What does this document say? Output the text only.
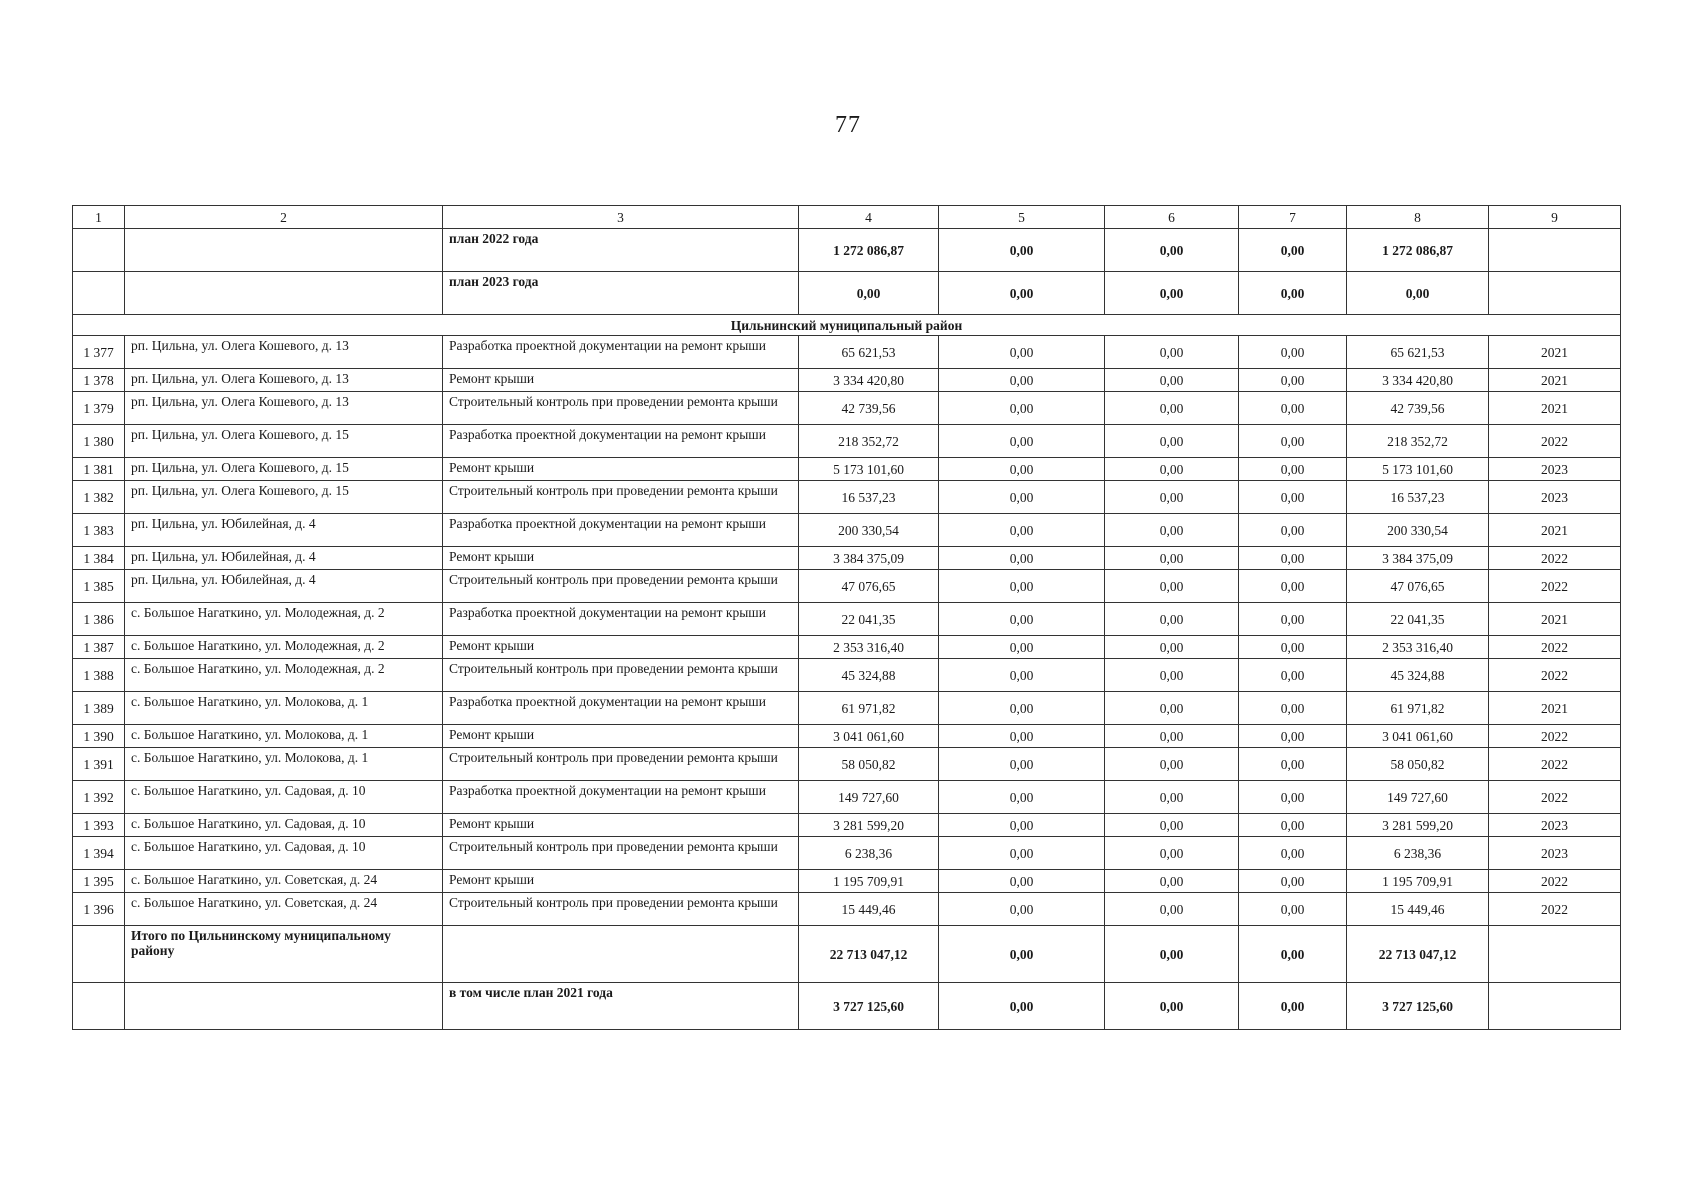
77
1	2	3	4	5	6	7	8	9
		план 2022 года	1 272 086,87	0,00	0,00	0,00	1 272 086,87	
		план 2023 года	0,00	0,00	0,00	0,00	0,00	
Цильнинский муниципальный район								
1 377	рп. Цильна, ул. Олега Кошевого, д. 13	Разработка проектной документации на ремонт крыши	65 621,53	0,00	0,00	0,00	65 621,53	2021
1 378	рп. Цильна, ул. Олега Кошевого, д. 13	Ремонт крыши	3 334 420,80	0,00	0,00	0,00	3 334 420,80	2021
1 379	рп. Цильна, ул. Олега Кошевого, д. 13	Строительный контроль при проведении ремонта крыши	42 739,56	0,00	0,00	0,00	42 739,56	2021
1 380	рп. Цильна, ул. Олега Кошевого, д. 15	Разработка проектной документации на ремонт крыши	218 352,72	0,00	0,00	0,00	218 352,72	2022
1 381	рп. Цильна, ул. Олега Кошевого, д. 15	Ремонт крыши	5 173 101,60	0,00	0,00	0,00	5 173 101,60	2023
1 382	рп. Цильна, ул. Олега Кошевого, д. 15	Строительный контроль при проведении ремонта крыши	16 537,23	0,00	0,00	0,00	16 537,23	2023
1 383	рп. Цильна, ул. Юбилейная, д. 4	Разработка проектной документации на ремонт крыши	200 330,54	0,00	0,00	0,00	200 330,54	2021
1 384	рп. Цильна, ул. Юбилейная, д. 4	Ремонт крыши	3 384 375,09	0,00	0,00	0,00	3 384 375,09	2022
1 385	рп. Цильна, ул. Юбилейная, д. 4	Строительный контроль при проведении ремонта крыши	47 076,65	0,00	0,00	0,00	47 076,65	2022
1 386	с. Большое Нагаткино, ул. Молодежная, д. 2	Разработка проектной документации на ремонт крыши	22 041,35	0,00	0,00	0,00	22 041,35	2021
1 387	с. Большое Нагаткино, ул. Молодежная, д. 2	Ремонт крыши	2 353 316,40	0,00	0,00	0,00	2 353 316,40	2022
1 388	с. Большое Нагаткино, ул. Молодежная, д. 2	Строительный контроль при проведении ремонта крыши	45 324,88	0,00	0,00	0,00	45 324,88	2022
1 389	с. Большое Нагаткино, ул. Молокова, д. 1	Разработка проектной документации на ремонт крыши	61 971,82	0,00	0,00	0,00	61 971,82	2021
1 390	с. Большое Нагаткино, ул. Молокова, д. 1	Ремонт крыши	3 041 061,60	0,00	0,00	0,00	3 041 061,60	2022
1 391	с. Большое Нагаткино, ул. Молокова, д. 1	Строительный контроль при проведении ремонта крыши	58 050,82	0,00	0,00	0,00	58 050,82	2022
1 392	с. Большое Нагаткино, ул. Садовая, д. 10	Разработка проектной документации на ремонт крыши	149 727,60	0,00	0,00	0,00	149 727,60	2022
1 393	с. Большое Нагаткино, ул. Садовая, д. 10	Ремонт крыши	3 281 599,20	0,00	0,00	0,00	3 281 599,20	2023
1 394	с. Большое Нагаткино, ул. Садовая, д. 10	Строительный контроль при проведении ремонта крыши	6 238,36	0,00	0,00	0,00	6 238,36	2023
1 395	с. Большое Нагаткино, ул. Советская, д. 24	Ремонт крыши	1 195 709,91	0,00	0,00	0,00	1 195 709,91	2022
1 396	с. Большое Нагаткино, ул. Советская, д. 24	Строительный контроль при проведении ремонта крыши	15 449,46	0,00	0,00	0,00	15 449,46	2022
	Итого по Цильнинскому муниципальному району		22 713 047,12	0,00	0,00	0,00	22 713 047,12	
		в том числе план 2021 года	3 727 125,60	0,00	0,00	0,00	3 727 125,60	
